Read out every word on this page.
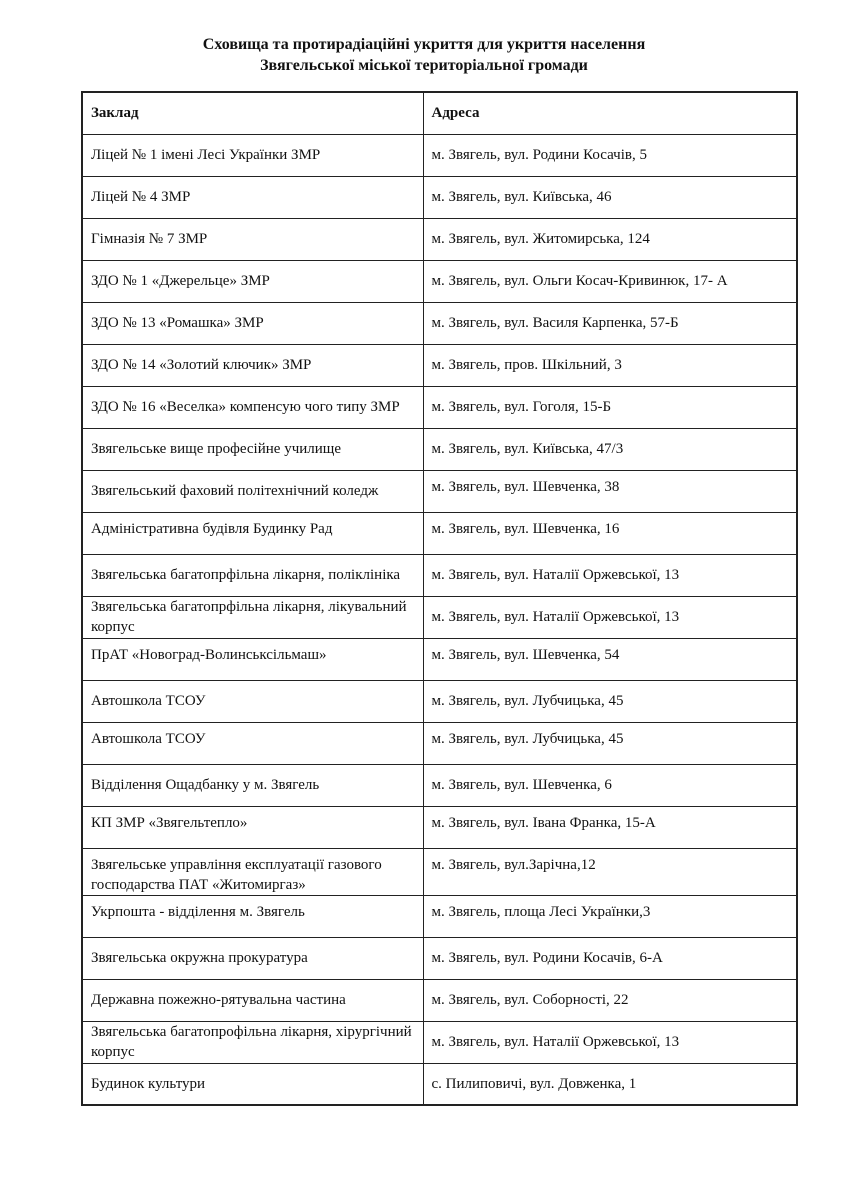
Сховища та протирадіаційні укриття для укриття населення
Звягельської міської територіальної громади
Заклад	Адреса
Ліцей № 1 імені Лесі Українки ЗМР	м. Звягель, вул. Родини Косачів, 5
Ліцей № 4 ЗМР	м. Звягель, вул. Київська, 46
Гімназія № 7 ЗМР	м. Звягель, вул. Житомирська, 124
ЗДО № 1 «Джерельце» ЗМР	м. Звягель, вул. Ольги Косач-Кривинюк, 17- А
ЗДО № 13 «Ромашка» ЗМР	м. Звягель, вул. Василя Карпенка, 57-Б
ЗДО № 14 «Золотий ключик» ЗМР	м. Звягель, пров. Шкільний, 3
ЗДО № 16 «Веселка» компенсую чого типу ЗМР	м. Звягель, вул. Гоголя, 15-Б
Звягельське вище професійне училище	м. Звягель, вул. Київська, 47/3
Звягельський фаховий політехнічний коледж	м. Звягель, вул. Шевченка, 38
Адміністративна будівля Будинку Рад	м. Звягель, вул. Шевченка, 16
Звягельська багатопрфільна лікарня, поліклініка	м. Звягель, вул. Наталії Оржевської, 13
Звягельська багатопрфільна лікарня, лікувальний корпус	м. Звягель, вул. Наталії Оржевської, 13
ПрАТ «Новоград-Волинськсільмаш»	м. Звягель, вул. Шевченка, 54
Автошкола ТСОУ	м. Звягель, вул. Лубчицька, 45
Автошкола ТСОУ	м. Звягель, вул. Лубчицька, 45
Відділення Ощадбанку у м. Звягель	м. Звягель, вул. Шевченка, 6
КП ЗМР «Звягельтепло»	м. Звягель, вул. Івана Франка, 15-А
Звягельське управління експлуатації газового господарства ПАТ «Житомиргаз»	м. Звягель, вул.Зарічна,12
Укрпошта - відділення м. Звягель	м. Звягель, площа Лесі Українки,3
Звягельська окружна прокуратура	м. Звягель, вул. Родини Косачів, 6-А
Державна пожежно-рятувальна частина	м. Звягель, вул. Соборності, 22
Звягельська багатопрофільна лікарня, хірургічний корпус	м. Звягель, вул. Наталії Оржевської, 13
Будинок культури	с. Пилиповичі, вул. Довженка, 1
